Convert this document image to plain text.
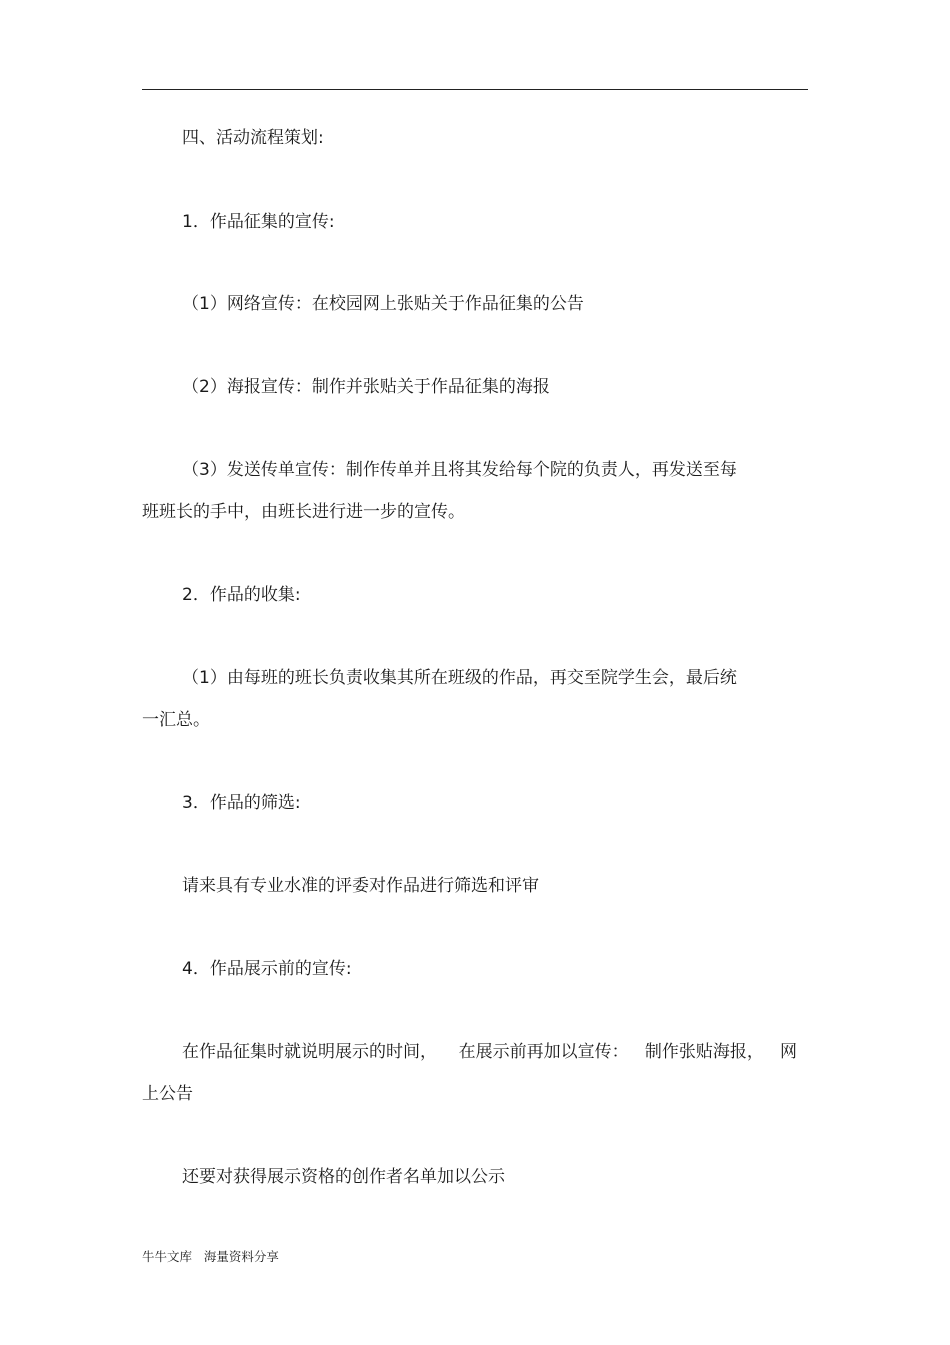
四、活动流程策划:
1．作品征集的宣传:
（1）网络宣传：在校园网上张贴关于作品征集的公告
（2）海报宣传：制作并张贴关于作品征集的海报
（3）发送传单宣传：制作传单并且将其发给每个院的负责人，再发送至每
班班长的手中，由班长进行进一步的宣传。
2．作品的收集:
（1）由每班的班长负责收集其所在班级的作品，再交至院学生会，最后统
一汇总。
3．作品的筛选:
请来具有专业水准的评委对作品进行筛选和评审
4．作品展示前的宣传:
在作品征集时就说明展示的时间，    在展示前再加以宣传：   制作张贴海报，   网
上公告
还要对获得展示资格的创作者名单加以公示
牛牛文库   海量资料分享
